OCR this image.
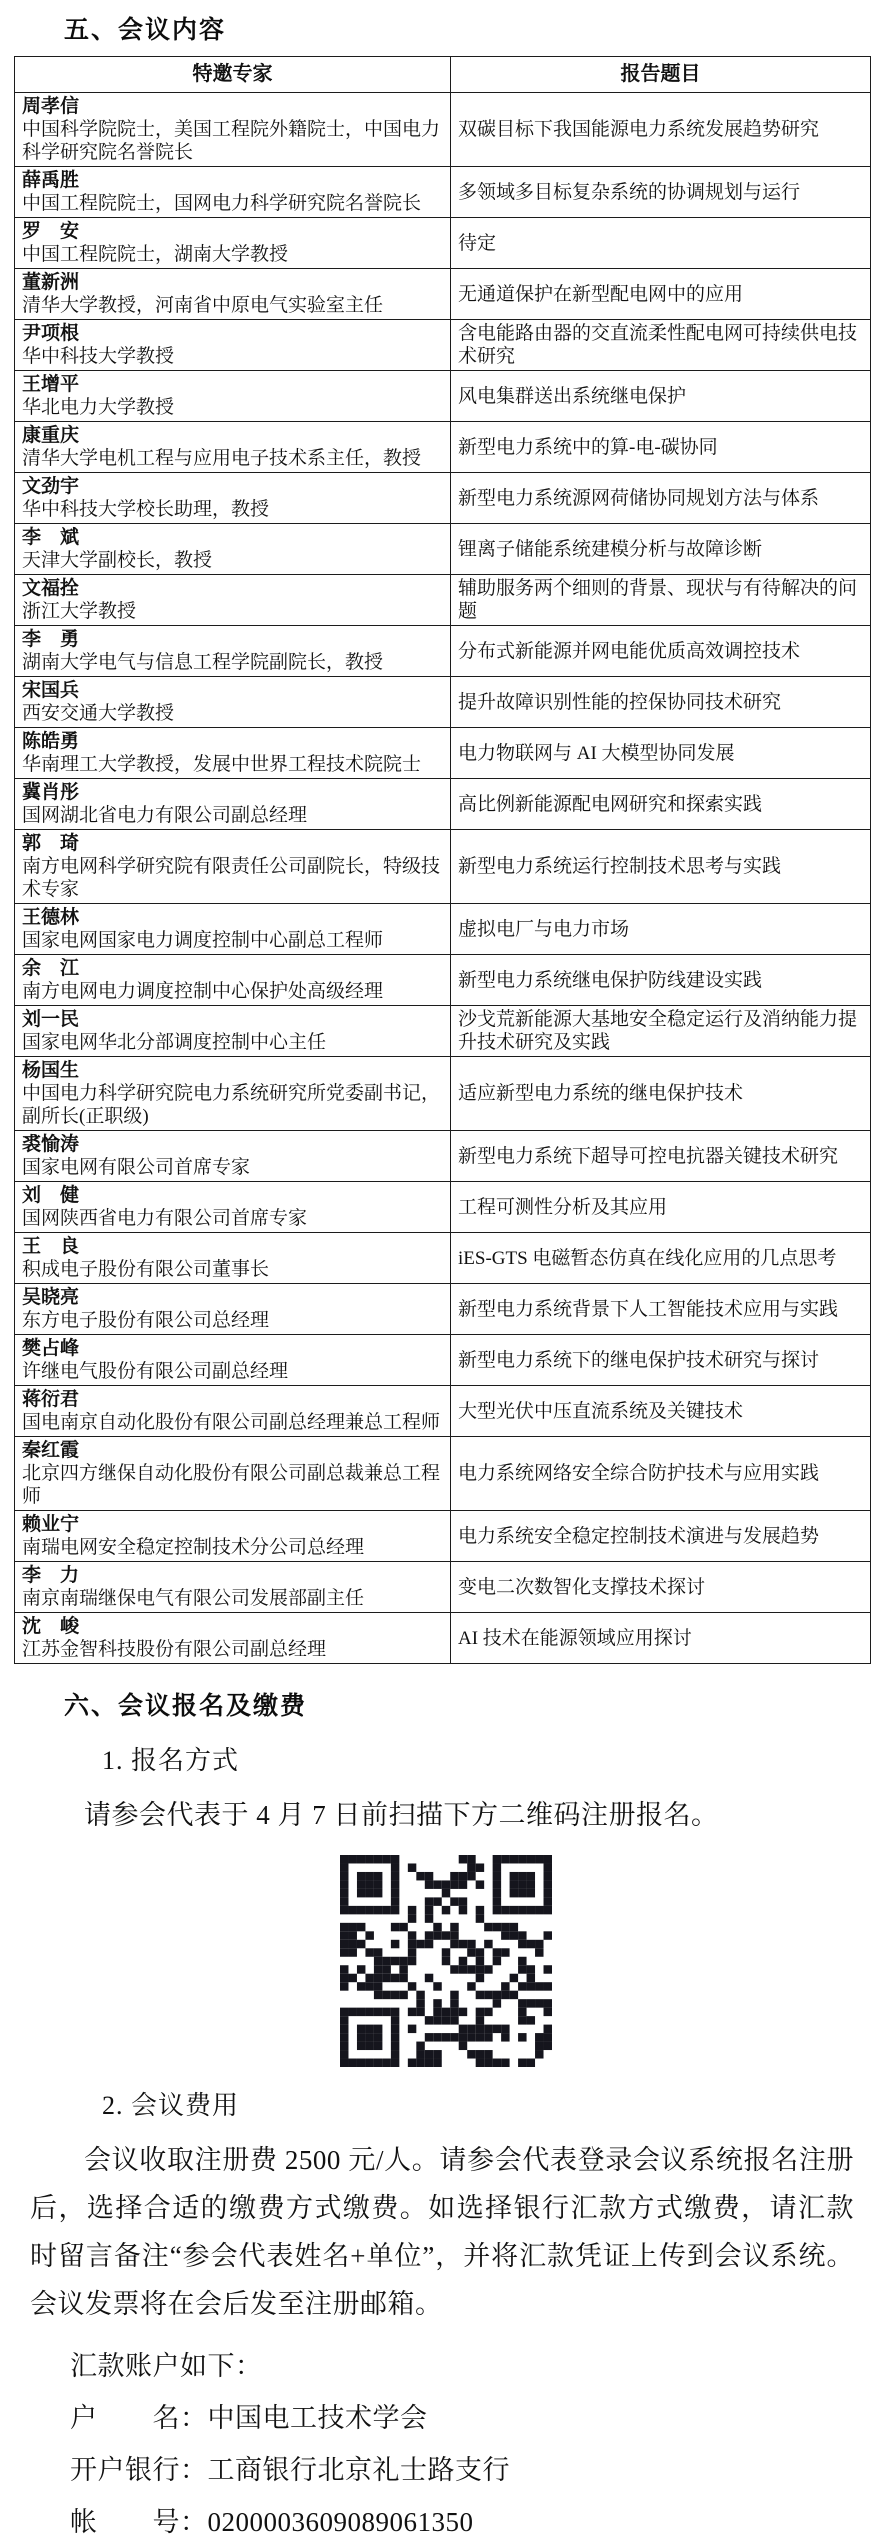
五、会议内容
特邀专家	报告题目

周孝信
中国科学院院士，美国工程院外籍院士，中国电力科学研究院名誉院长	双碳目标下我国能源电力系统发展趋势研究

薛禹胜
中国工程院院士，国网电力科学研究院名誉院长	多领域多目标复杂系统的协调规划与运行

罗　安
中国工程院院士，湖南大学教授	待定

董新洲
清华大学教授，河南省中原电气实验室主任	无通道保护在新型配电网中的应用

尹项根
华中科技大学教授	含电能路由器的交直流柔性配电网可持续供电技术研究

王增平
华北电力大学教授	风电集群送出系统继电保护

康重庆
清华大学电机工程与应用电子技术系主任，教授	新型电力系统中的算-电-碳协同

文劲宇
华中科技大学校长助理，教授	新型电力系统源网荷储协同规划方法与体系

李　斌
天津大学副校长，教授	锂离子储能系统建模分析与故障诊断

文福拴
浙江大学教授	辅助服务两个细则的背景、现状与有待解决的问题

李　勇
湖南大学电气与信息工程学院副院长，教授	分布式新能源并网电能优质高效调控技术

宋国兵
西安交通大学教授	提升故障识别性能的控保协同技术研究

陈皓勇
华南理工大学教授，发展中世界工程技术院院士	电力物联网与 AI 大模型协同发展

冀肖彤
国网湖北省电力有限公司副总经理	高比例新能源配电网研究和探索实践

郭　琦
南方电网科学研究院有限责任公司副院长，特级技术专家	新型电力系统运行控制技术思考与实践

王德林
国家电网国家电力调度控制中心副总工程师	虚拟电厂与电力市场

余　江
南方电网电力调度控制中心保护处高级经理	新型电力系统继电保护防线建设实践

刘一民
国家电网华北分部调度控制中心主任	沙戈荒新能源大基地安全稳定运行及消纳能力提升技术研究及实践

杨国生
中国电力科学研究院电力系统研究所党委副书记，副所长(正职级)	适应新型电力系统的继电保护技术

裘愉涛
国家电网有限公司首席专家	新型电力系统下超导可控电抗器关键技术研究

刘　健
国网陕西省电力有限公司首席专家	工程可测性分析及其应用

王　良
积成电子股份有限公司董事长	iES-GTS 电磁暂态仿真在线化应用的几点思考

吴晓亮
东方电子股份有限公司总经理	新型电力系统背景下人工智能技术应用与实践

樊占峰
许继电气股份有限公司副总经理	新型电力系统下的继电保护技术研究与探讨

蒋衍君
国电南京自动化股份有限公司副总经理兼总工程师	大型光伏中压直流系统及关键技术

秦红霞
北京四方继保自动化股份有限公司副总裁兼总工程师	电力系统网络安全综合防护技术与应用实践

赖业宁
南瑞电网安全稳定控制技术分公司总经理	电力系统安全稳定控制技术演进与发展趋势

李　力
南京南瑞继保电气有限公司发展部副主任	变电二次数智化支撑技术探讨

沈　峻
江苏金智科技股份有限公司副总经理	AI 技术在能源领域应用探讨
六、会议报名及缴费
1. 报名方式

请参会代表于 4 月 7 日前扫描下方二维码注册报名。

2. 会议费用

会议收取注册费 2500 元/人。请参会代表登录会议系统报名注册后，选择合适的缴费方式缴费。如选择银行汇款方式缴费，请汇款时留言备注“参会代表姓名+单位”，并将汇款凭证上传到会议系统。会议发票将在会后发至注册邮箱。

汇款账户如下：
户　　名：中国电工技术学会
开户银行：工商银行北京礼士路支行
帐　　号：0200003609089061350
